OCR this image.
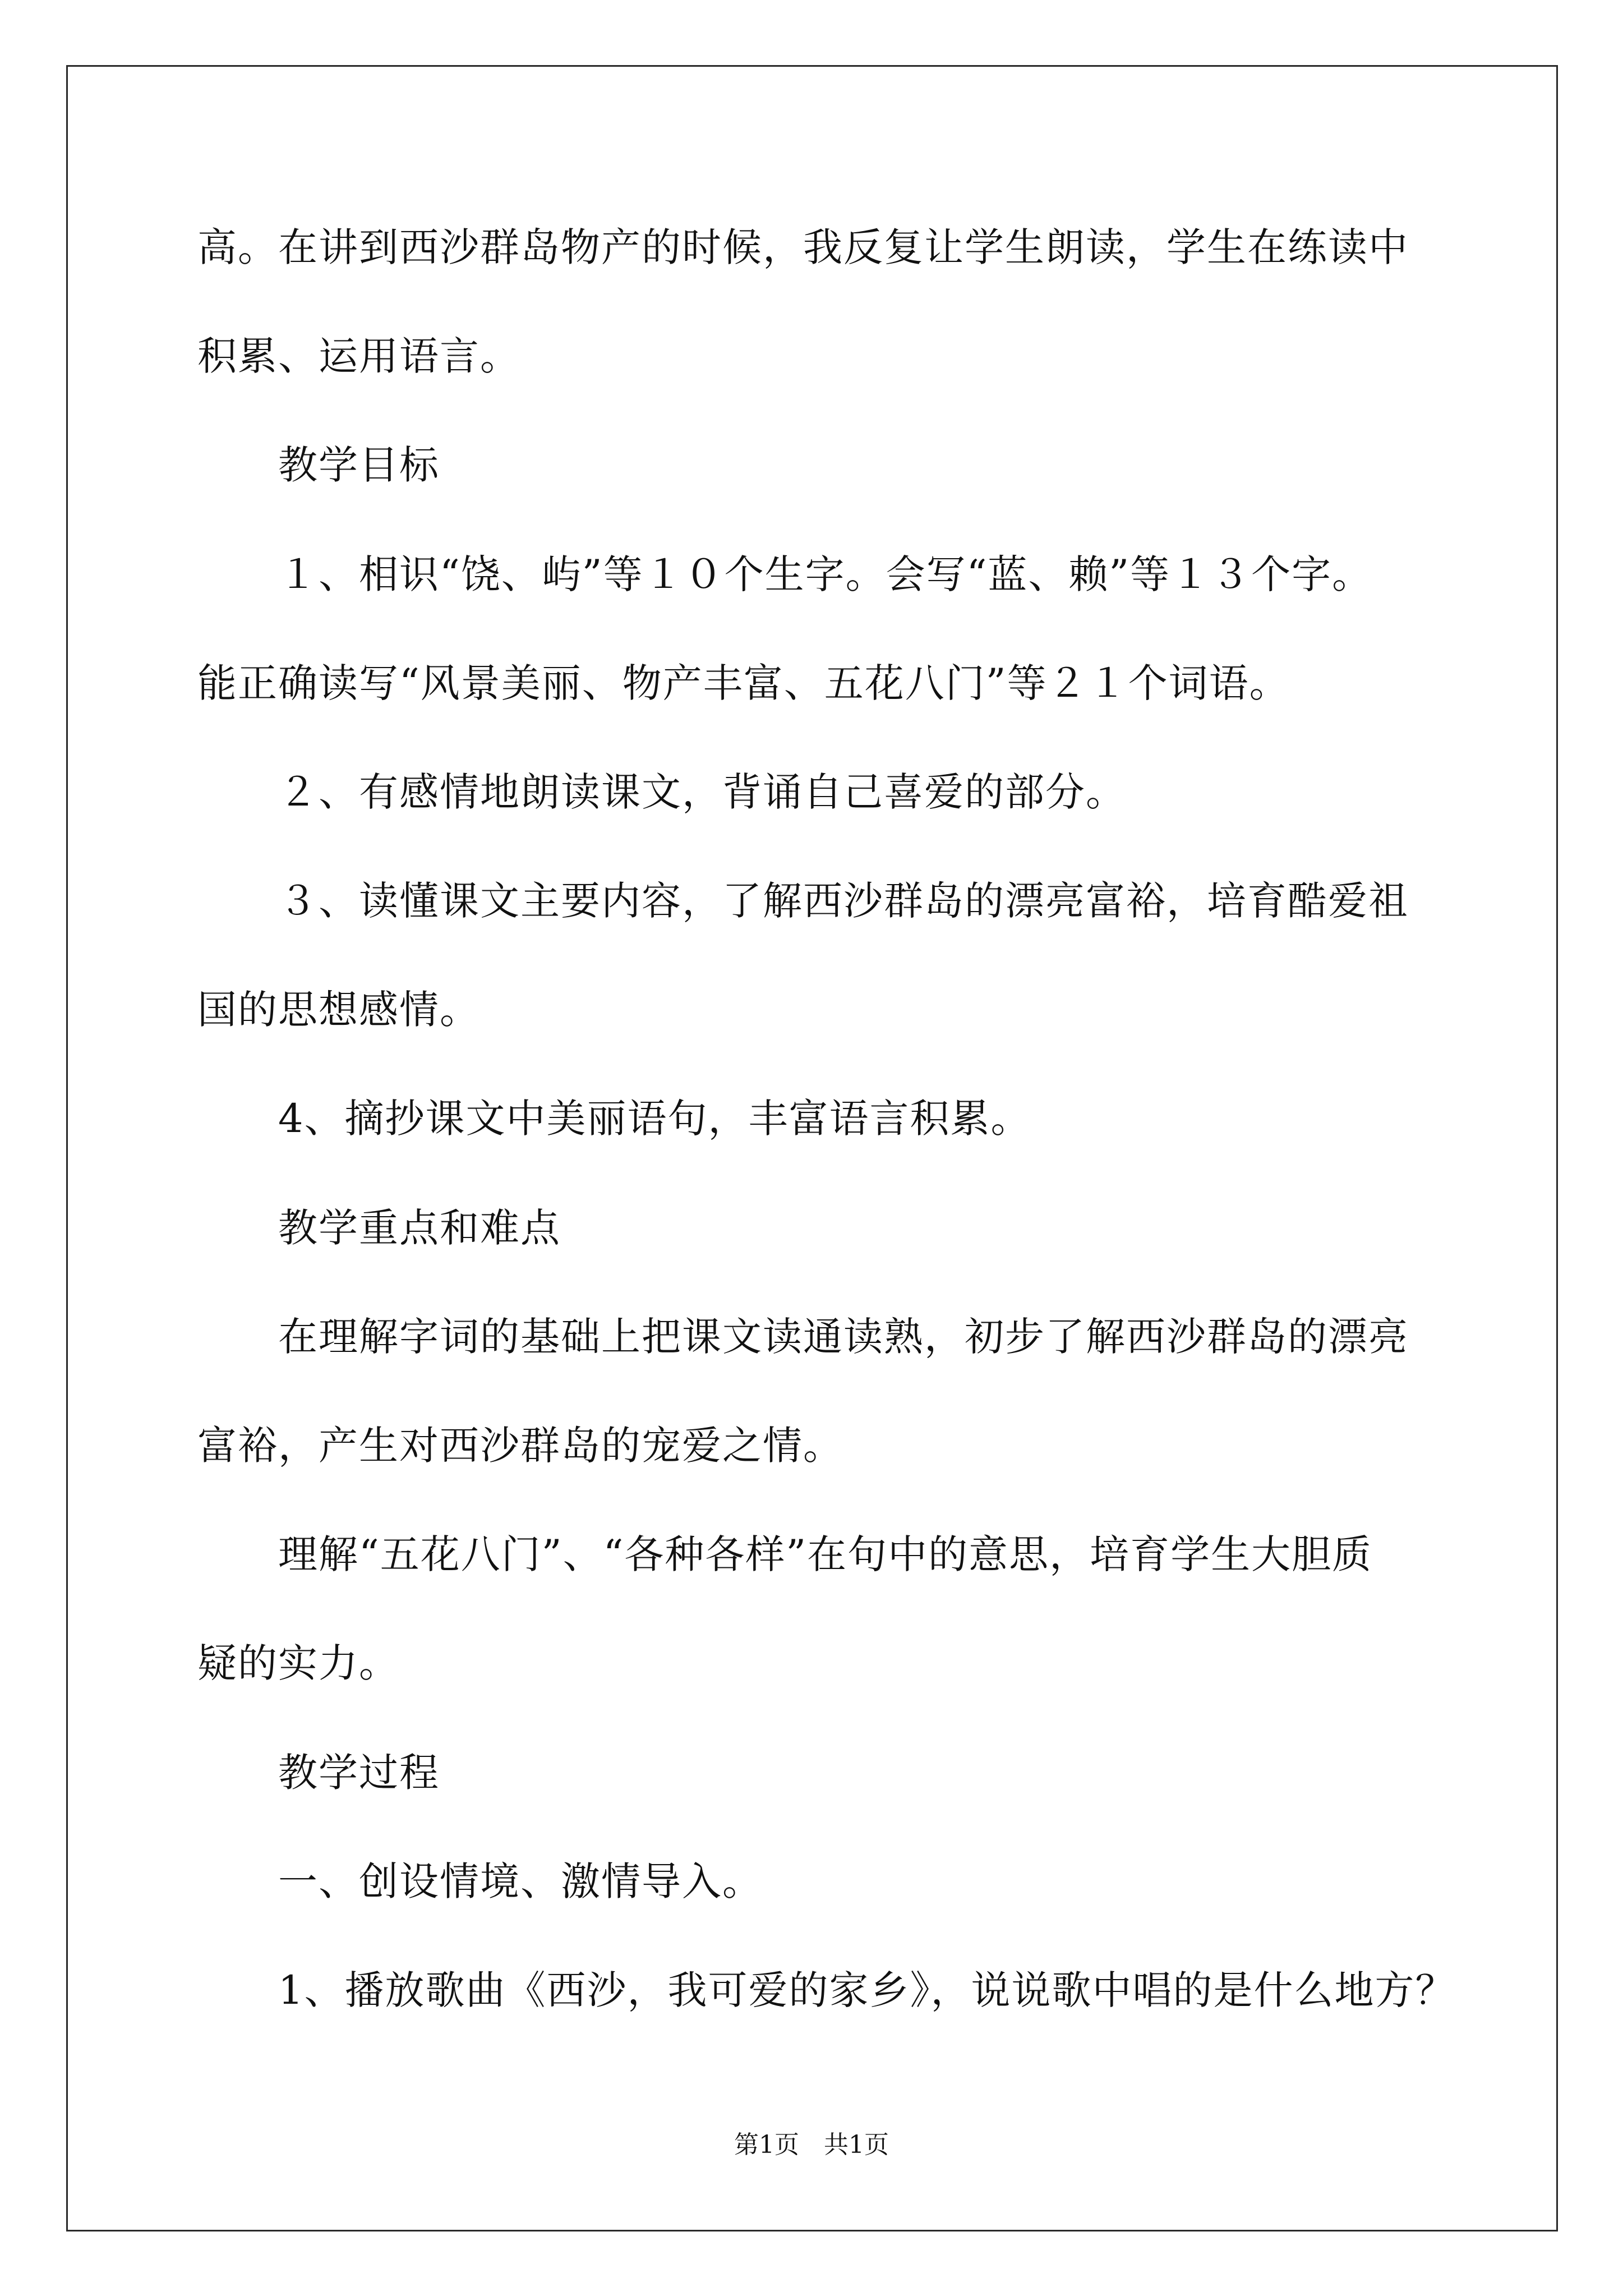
高。在讲到西沙群岛物产的时候，我反复让学生朗读，学生在练读中

积累、运用语言。

教学目标

１、相识“饶、屿”等１０个生字。会写“蓝、赖”等１３个字。

能正确读写“风景美丽、物产丰富、五花八门”等２１个词语。

２、有感情地朗读课文，背诵自己喜爱的部分。

３、读懂课文主要内容，了解西沙群岛的漂亮富裕，培育酷爱祖

国的思想感情。

4、摘抄课文中美丽语句，丰富语言积累。

教学重点和难点

在理解字词的基础上把课文读通读熟，初步了解西沙群岛的漂亮

富裕，产生对西沙群岛的宠爱之情。

理解“五花八门”、“各种各样”在句中的意思，培育学生大胆质

疑的实力。

教学过程

一、创设情境、激情导入。

1、播放歌曲《西沙，我可爱的家乡》，说说歌中唱的是什么地方？

第1页　共1页
